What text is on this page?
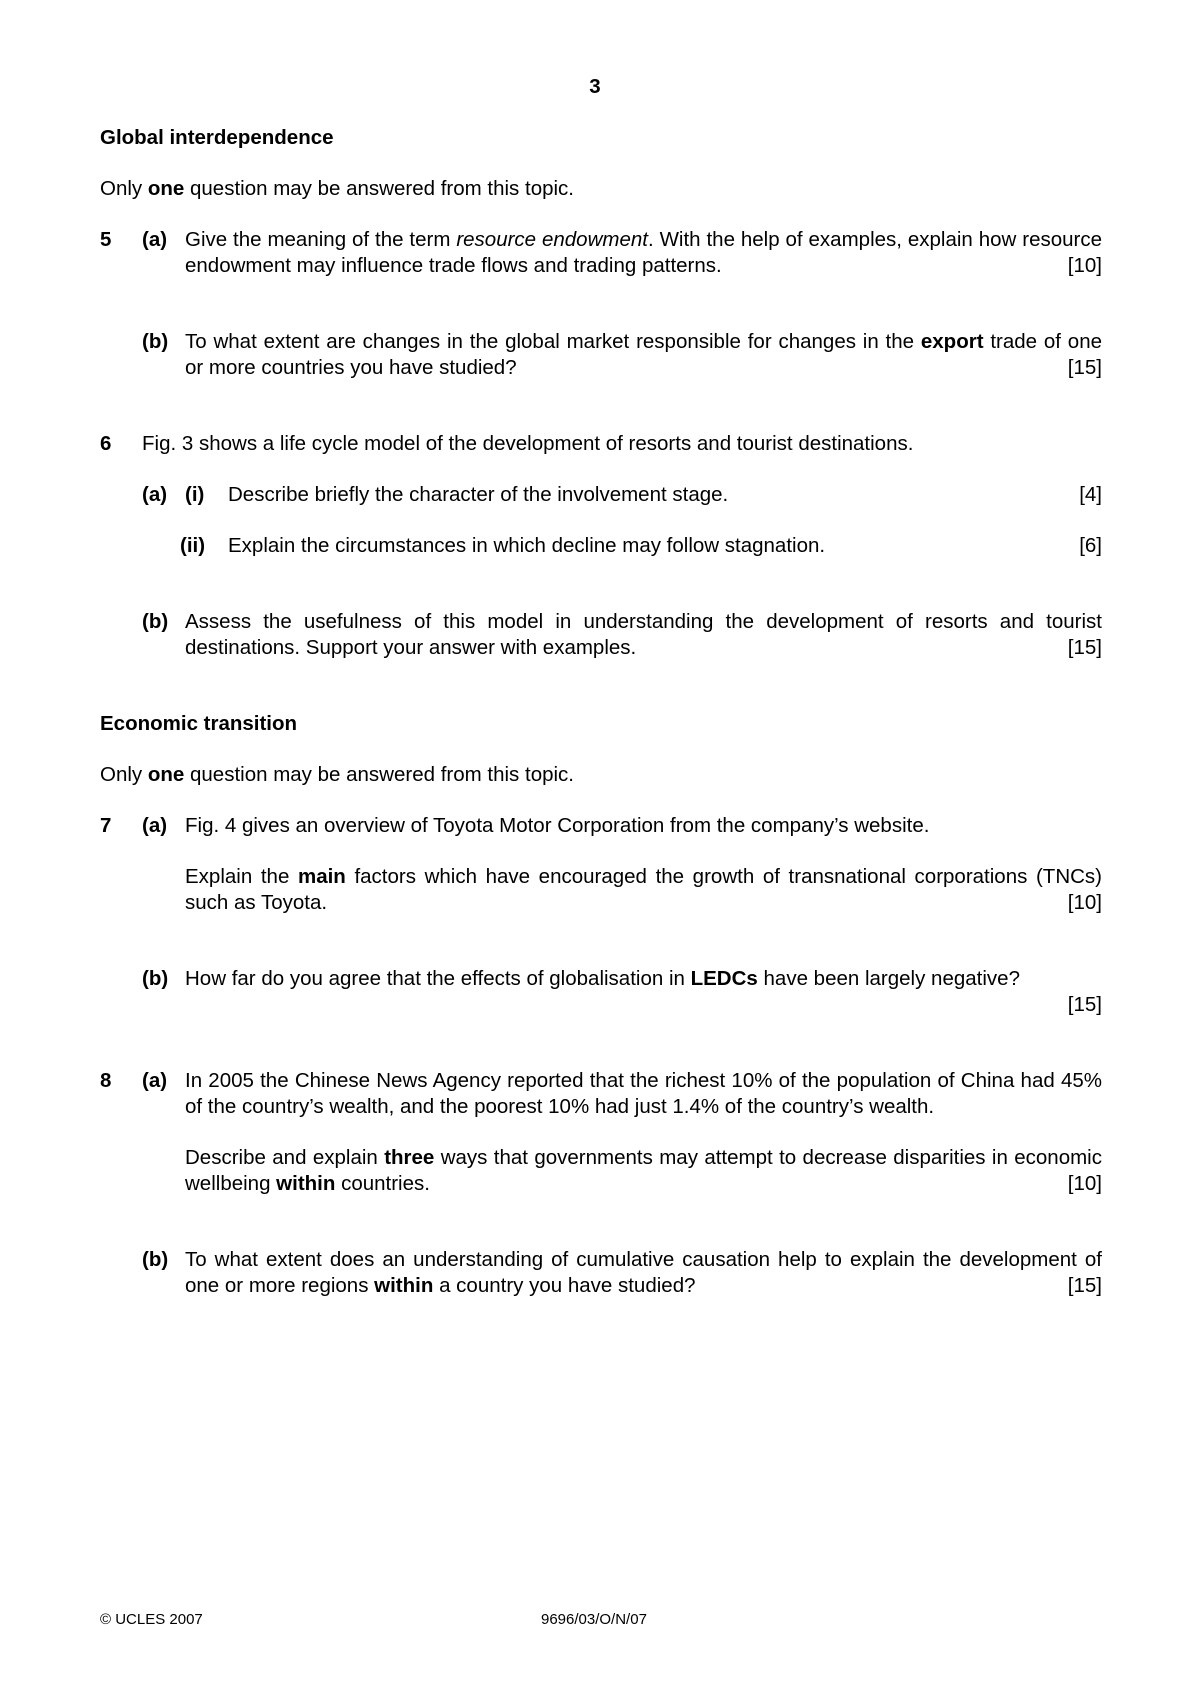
3
Global interdependence
Only one question may be answered from this topic.
5 (a) Give the meaning of the term resource endowment. With the help of examples, explain how resource endowment may influence trade flows and trading patterns.	[10]
(b) To what extent are changes in the global market responsible for changes in the export trade of one or more countries you have studied?	[15]
6 Fig. 3 shows a life cycle model of the development of resorts and tourist destinations.
(a) (i) Describe briefly the character of the involvement stage.	[4]
(ii) Explain the circumstances in which decline may follow stagnation.	[6]
(b) Assess the usefulness of this model in understanding the development of resorts and tourist destinations. Support your answer with examples.	[15]
Economic transition
Only one question may be answered from this topic.
7 (a) Fig. 4 gives an overview of Toyota Motor Corporation from the company’s website.
Explain the main factors which have encouraged the growth of transnational corporations (TNCs) such as Toyota.	[10]
(b) How far do you agree that the effects of globalisation in LEDCs have been largely negative?
[15]
8 (a) In 2005 the Chinese News Agency reported that the richest 10% of the population of China had 45% of the country’s wealth, and the poorest 10% had just 1.4% of the country’s wealth.
Describe and explain three ways that governments may attempt to decrease disparities in economic wellbeing within countries.	[10]
(b) To what extent does an understanding of cumulative causation help to explain the development of one or more regions within a country you have studied?	[15]
© UCLES 2007	9696/03/O/N/07
